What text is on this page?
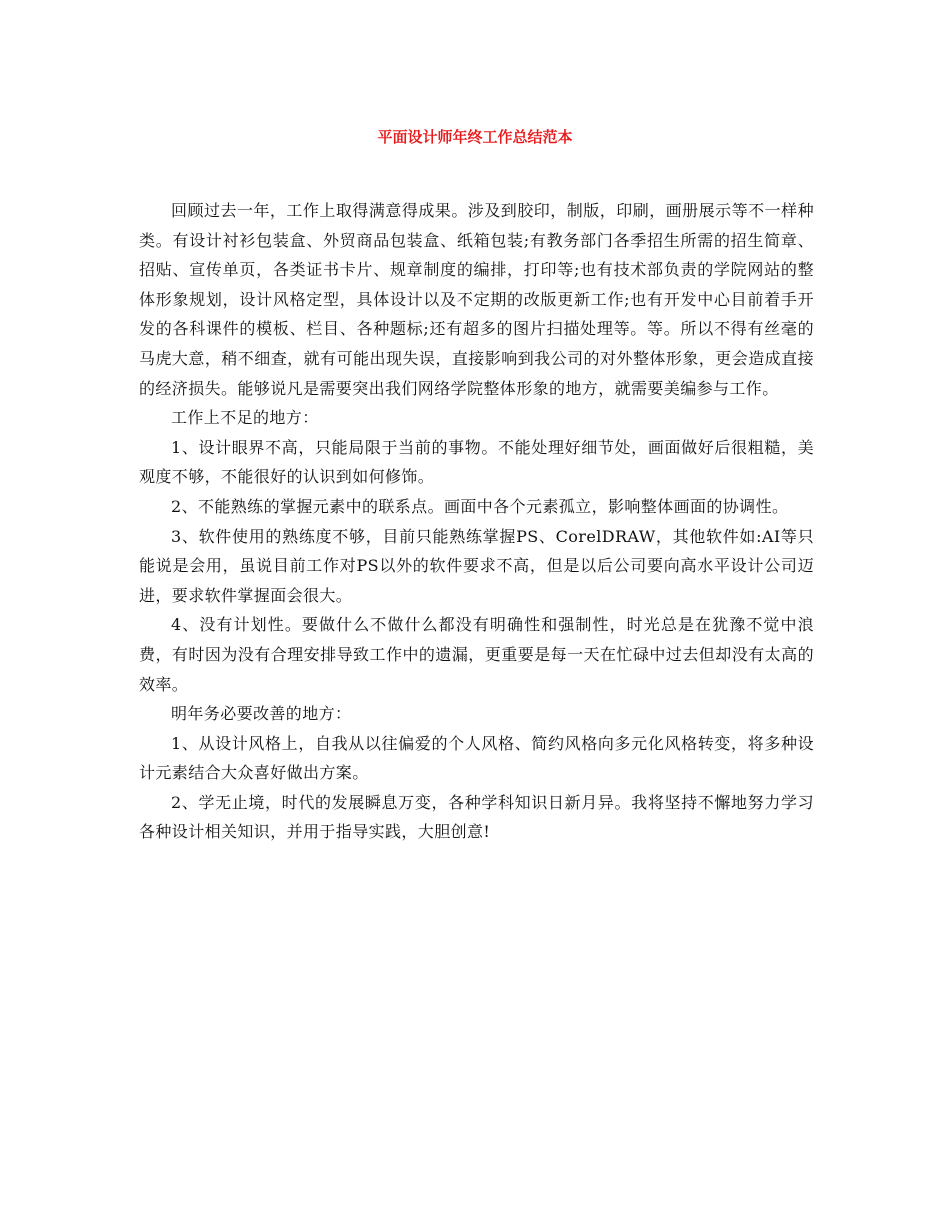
平面设计师年终工作总结范本

回顾过去一年，工作上取得满意得成果。涉及到胶印，制版，印刷，画册展示等不一样种类。有设计衬衫包装盒、外贸商品包装盒、纸箱包装;有教务部门各季招生所需的招生简章、招贴、宣传单页，各类证书卡片、规章制度的编排，打印等;也有技术部负责的学院网站的整体形象规划，设计风格定型，具体设计以及不定期的改版更新工作;也有开发中心目前着手开发的各科课件的模板、栏目、各种题标;还有超多的图片扫描处理等。等。所以不得有丝毫的马虎大意，稍不细查，就有可能出现失误，直接影响到我公司的对外整体形象，更会造成直接的经济损失。能够说凡是需要突出我们网络学院整体形象的地方，就需要美编参与工作。

工作上不足的地方：

1、设计眼界不高，只能局限于当前的事物。不能处理好细节处，画面做好后很粗糙，美观度不够，不能很好的认识到如何修饰。

2、不能熟练的掌握元素中的联系点。画面中各个元素孤立，影响整体画面的协调性。

3、软件使用的熟练度不够，目前只能熟练掌握PS、CorelDRAW，其他软件如:AI等只能说是会用，虽说目前工作对PS以外的软件要求不高，但是以后公司要向高水平设计公司迈进，要求软件掌握面会很大。

4、没有计划性。要做什么不做什么都没有明确性和强制性，时光总是在犹豫不觉中浪费，有时因为没有合理安排导致工作中的遗漏，更重要是每一天在忙碌中过去但却没有太高的效率。

明年务必要改善的地方：

1、从设计风格上，自我从以往偏爱的个人风格、简约风格向多元化风格转变，将多种设计元素结合大众喜好做出方案。

2、学无止境，时代的发展瞬息万变，各种学科知识日新月异。我将坚持不懈地努力学习各种设计相关知识，并用于指导实践，大胆创意!
